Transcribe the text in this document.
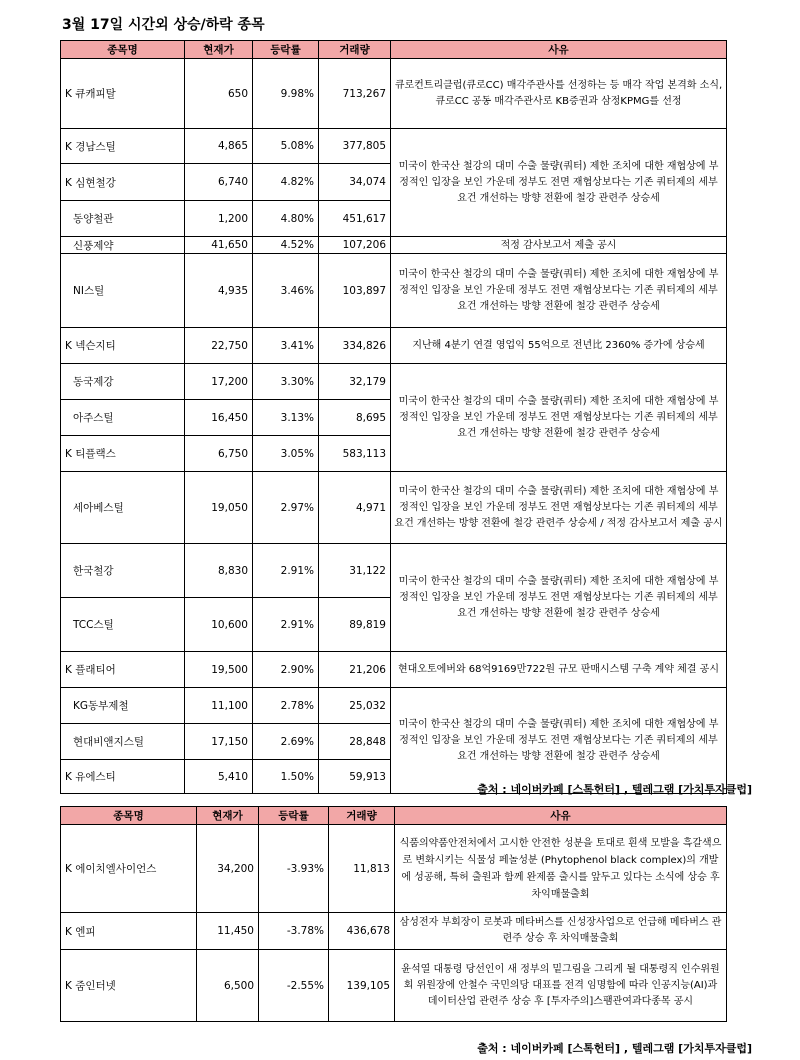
3월 17일 시간외 상승/하락 종목
종목명	현재가	등락률	거래량	사유
K 큐캐피탈	650	9.98%	713,267	큐로컨트리클럽(큐로CC) 매각주관사를 선정하는 등 매각 작업 본격화 소식, 큐로CC 공동 매각주관사로 KB증권과 삼정KPMG를 선정
K 경남스틸	4,865	5.08%	377,805	미국이 한국산 철강의 대미 수출 물량(쿼터) 제한 조치에 대한 재협상에 부정적인 입장을 보인 가운데 정부도 전면 재협상보다는 기존 쿼터제의 세부 요건 개선하는 방향 전환에 철강 관련주 상승세
K 심현철강	6,740	4.82%	34,074	
동양철관	1,200	4.80%	451,617	
신풍제약	41,650	4.52%	107,206	적정 감사보고서 제출 공시
NI스틸	4,935	3.46%	103,897	미국이 한국산 철강의 대미 수출 물량(쿼터) 제한 조치에 대한 재협상에 부정적인 입장을 보인 가운데 정부도 전면 재협상보다는 기존 쿼터제의 세부 요건 개선하는 방향 전환에 철강 관련주 상승세
K 넥슨지티	22,750	3.41%	334,826	지난해 4분기 연결 영업익 55억으로 전년比 2360% 증가에 상승세
동국제강	17,200	3.30%	32,179	미국이 한국산 철강의 대미 수출 물량(쿼터) 제한 조치에 대한 재협상에 부정적인 입장을 보인 가운데 정부도 전면 재협상보다는 기존 쿼터제의 세부 요건 개선하는 방향 전환에 철강 관련주 상승세
아주스틸	16,450	3.13%	8,695	
K 티플랙스	6,750	3.05%	583,113	
세아베스틸	19,050	2.97%	4,971	미국이 한국산 철강의 대미 수출 물량(쿼터) 제한 조치에 대한 재협상에 부정적인 입장을 보인 가운데 정부도 전면 재협상보다는 기존 쿼터제의 세부 요건 개선하는 방향 전환에 철강 관련주 상승세 / 적정 감사보고서 제출 공시
한국철강	8,830	2.91%	31,122	미국이 한국산 철강의 대미 수출 물량(쿼터) 제한 조치에 대한 재협상에 부정적인 입장을 보인 가운데 정부도 전면 재협상보다는 기존 쿼터제의 세부 요건 개선하는 방향 전환에 철강 관련주 상승세
TCC스틸	10,600	2.91%	89,819	
K 플래티어	19,500	2.90%	21,206	현대오토에버와 68억9169만722원 규모 판매시스템 구축 계약 체결 공시
KG동부제철	11,100	2.78%	25,032	미국이 한국산 철강의 대미 수출 물량(쿼터) 제한 조치에 대한 재협상에 부정적인 입장을 보인 가운데 정부도 전면 재협상보다는 기존 쿼터제의 세부 요건 개선하는 방향 전환에 철강 관련주 상승세
현대비앤지스틸	17,150	2.69%	28,848	
K 유에스티	5,410	1.50%	59,913	
출처 : 네이버카페 [스톡헌터] , 텔레그램 [가치투자클럽]
종목명	현재가	등락률	거래량	사유
K 에이치엘사이언스	34,200	-3.93%	11,813	식품의약품안전처에서 고시한 안전한 성분을 토대로 흰색 모발을 흑갈색으로 변화시키는 식물성 페놀성분 (Phytophenol black complex)의 개발에 성공해, 특허 출원과 함께 완제품 출시를 앞두고 있다는 소식에 상승 후 차익매물출회
K 엔피	11,450	-3.78%	436,678	삼성전자 부회장이 로봇과 메타버스를 신성장사업으로 언급해 메타버스 관련주 상승 후 차익매물출회
K 줌인터넷	6,500	-2.55%	139,105	윤석열 대통령 당선인이 새 정부의 밑그림을 그리게 될 대통령직 인수위원회 위원장에 안철수 국민의당 대표를 전격 임명함에 따라 인공지능(AI)과 데이터산업 관련주 상승 후 [투자주의]스팸관여과다종목 공시
출처 : 네이버카페 [스톡헌터] , 텔레그램 [가치투자클럽]
